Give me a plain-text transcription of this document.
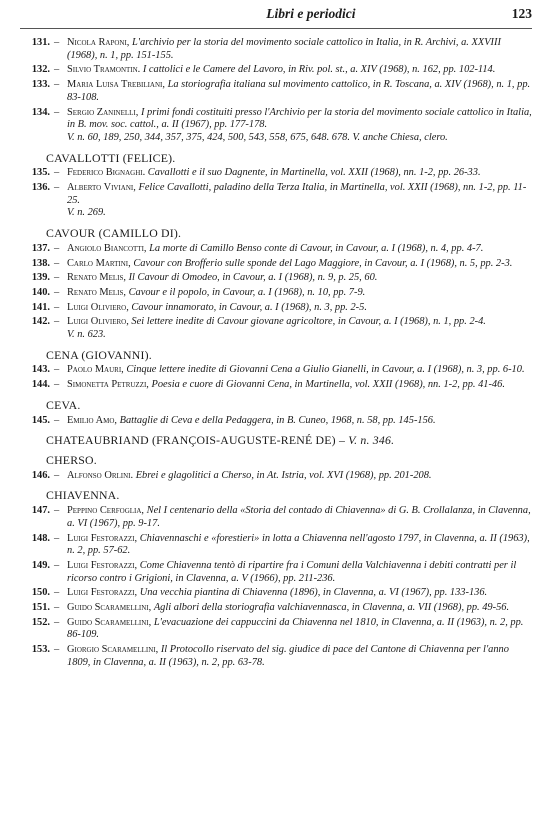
Libri e periodici	123
131. – Nicola Raponi, L'archivio per la storia del movimento sociale cattolico in Italia, in R. Archivi, a. XXVIII (1968), n. 1, pp. 151-155.
132. – Silvio Tramontin. I cattolici e le Camere del Lavoro, in Riv. pol. st., a. XIV (1968), n. 162, pp. 102-114.
133. – Maria Luisa Trebiliani, La storiografia italiana sul movimento cattolico, in R. Toscana, a. XIV (1968), n. 1, pp. 83-108.
134. – Sergio Zaninelli, I primi fondi costituiti presso l'Archivio per la storia del movimento sociale cattolico in Italia, in B. mov. soc. cattol., a. II (1967), pp. 177-178.
V. n. 60, 189, 250, 344, 357, 375, 424, 500, 543, 558, 675, 648. 678. V. anche Chiesa, clero.
CAVALLOTTI (FELICE).
135. – Federico Bignaghi. Cavallotti e il suo Dagnente, in Martinella, vol. XXII (1968), nn. 1-2, pp. 26-33.
136. – Alberto Viviani, Felice Cavallotti, paladino della Terza Italia, in Martinella, vol. XXII (1968), nn. 1-2, pp. 11-25.
V. n. 269.
CAVOUR (CAMILLO DI).
137. – Angiolo Biancotti, La morte di Camillo Benso conte di Cavour, in Cavour, a. I (1968), n. 4, pp. 4-7.
138. – Carlo Martini, Cavour con Brofferio sulle sponde del Lago Maggiore, in Cavour, a. I (1968), n. 5, pp. 2-3.
139. – Renato Melis, Il Cavour di Omodeo, in Cavour, a. I (1968), n. 9, p. 25, 60.
140. – Renato Melis, Cavour e il popolo, in Cavour, a. I (1968), n. 10, pp. 7-9.
141. – Luigi Oliviero, Cavour innamorato, in Cavour, a. I (1968), n. 3, pp. 2-5.
142. – Luigi Oliviero, Sei lettere inedite di Cavour giovane agricoltore, in Cavour, a. I (1968), n. 1, pp. 2-4.
V. n. 623.
CENA (GIOVANNI).
143. – Paolo Mauri, Cinque lettere inedite di Giovanni Cena a Giulio Gianelli, in Cavour, a. I (1968), n. 3, pp. 6-10.
144. – Simonetta Petruzzi, Poesia e cuore di Giovanni Cena, in Martinella, vol. XXII (1968), nn. 1-2, pp. 41-46.
CEVA.
145. – Emilio Amo, Battaglie di Ceva e della Pedaggera, in B. Cuneo, 1968, n. 58, pp. 145-156.
CHATEAUBRIAND (FRANÇOIS-AUGUSTE-RENÉ DE) – V. n. 346.
CHERSO.
146. – Alfonso Orlini. Ebrei e glagolitici a Cherso, in At. Istria, vol. XVI (1968), pp. 201-208.
CHIAVENNA.
147. – Peppino Cerfoglia, Nel I centenario della «Storia del contado di Chiavenna» di G. B. Crollalanza, in Clavenna, a. VI (1967), pp. 9-17.
148. – Luigi Festorazzi, Chiavennaschi e «forestieri» in lotta a Chiavenna nell'agosto 1797, in Clavenna, a. II (1963), n. 2, pp. 57-62.
149. – Luigi Festorazzi, Come Chiavenna tentò di ripartire fra i Comuni della Valchiavenna i debiti contratti per il ricorso contro i Grigioni, in Clavenna, a. V (1966), pp. 211-236.
150. – Luigi Festorazzi, Una vecchia piantina di Chiavenna (1896), in Clavenna, a. VI (1967), pp. 133-136.
151. – Guido Scaramellini, Agli albori della storiografia valchiavennasca, in Clavenna, a. VII (1968), pp. 49-56.
152. – Guido Scaramellini, L'evacuazione dei cappuccini da Chiavenna nel 1810, in Clavenna, a. II (1963), n. 2, pp. 86-109.
153. – Giorgio Scaramellini, Il Protocollo riservato del sig. giudice di pace del Cantone di Chiavenna per l'anno 1809, in Clavenna, a. II (1963), n. 2, pp. 63-78.
